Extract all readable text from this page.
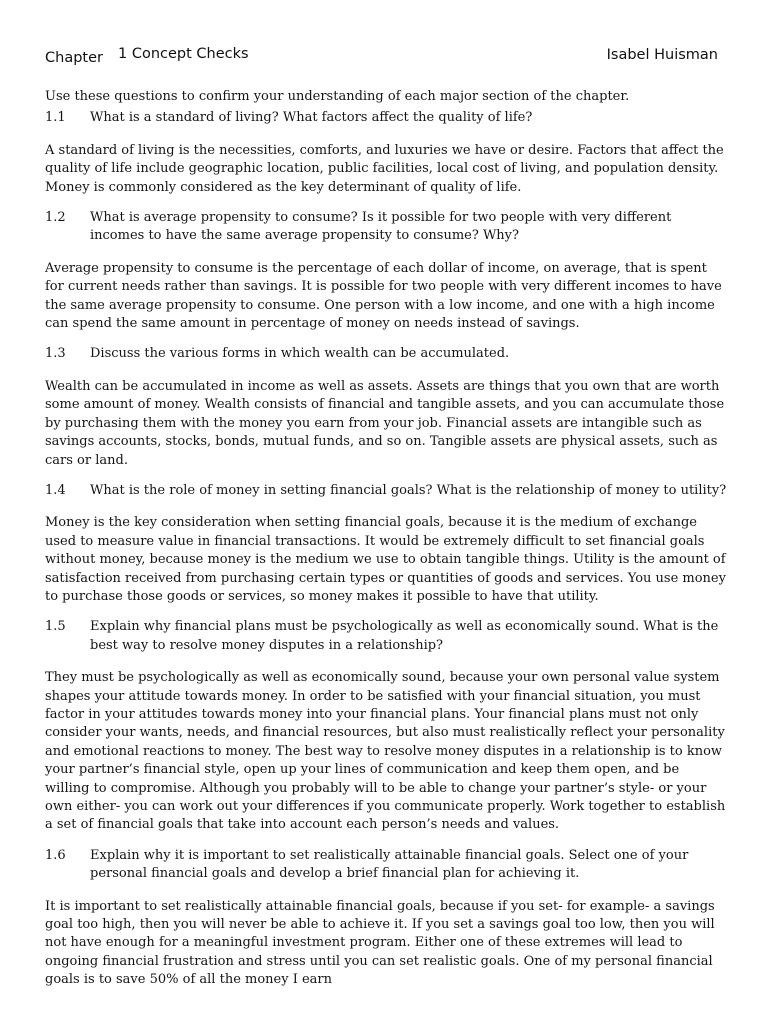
Chapter 1 Concept Checks	Isabel Huisman

Use these questions to confirm your understanding of each major section of the chapter.

1.1	What is a standard of living? What factors affect the quality of life?

A standard of living is the necessities, comforts, and luxuries we have or desire. Factors that affect the quality of life include geographic location, public facilities, local cost of living, and population density. Money is commonly considered as the key determinant of quality of life.

1.2	What is average propensity to consume? Is it possible for two people with very different incomes to have the same average propensity to consume? Why?

Average propensity to consume is the percentage of each dollar of income, on average, that is spent for current needs rather than savings. It is possible for two people with very different incomes to have the same average propensity to consume. One person with a low income, and one with a high income can spend the same amount in percentage of money on needs instead of savings.

1.3	Discuss the various forms in which wealth can be accumulated.

Wealth can be accumulated in income as well as assets. Assets are things that you own that are worth some amount of money. Wealth consists of financial and tangible assets, and you can accumulate those by purchasing them with the money you earn from your job. Financial assets are intangible such as savings accounts, stocks, bonds, mutual funds, and so on. Tangible assets are physical assets, such as cars or land.

1.4	What is the role of money in setting financial goals? What is the relationship of money to utility?

Money is the key consideration when setting financial goals, because it is the medium of exchange used to measure value in financial transactions. It would be extremely difficult to set financial goals without money, because money is the medium we use to obtain tangible things. Utility is the amount of satisfaction received from purchasing certain types or quantities of goods and services. You use money to purchase those goods or services, so money makes it possible to have that utility.

1.5	Explain why financial plans must be psychologically as well as economically sound. What is the best way to resolve money disputes in a relationship?

They must be psychologically as well as economically sound, because your own personal value system shapes your attitude towards money. In order to be satisfied with your financial situation, you must factor in your attitudes towards money into your financial plans. Your financial plans must not only consider your wants, needs, and financial resources, but also must realistically reflect your personality and emotional reactions to money. The best way to resolve money disputes in a relationship is to know your partner’s financial style, open up your lines of communication and keep them open, and be willing to compromise. Although you probably will to be able to change your partner’s style- or your own either- you can work out your differences if you communicate properly. Work together to establish a set of financial goals that take into account each person’s needs and values.

1.6	Explain why it is important to set realistically attainable financial goals. Select one of your personal financial goals and develop a brief financial plan for achieving it.

It is important to set realistically attainable financial goals, because if you set- for example- a savings goal too high, then you will never be able to achieve it. If you set a savings goal too low, then you will not have enough for a meaningful investment program. Either one of these extremes will lead to ongoing financial frustration and stress until you can set realistic goals. One of my personal financial goals is to save 50% of all the money I earn
